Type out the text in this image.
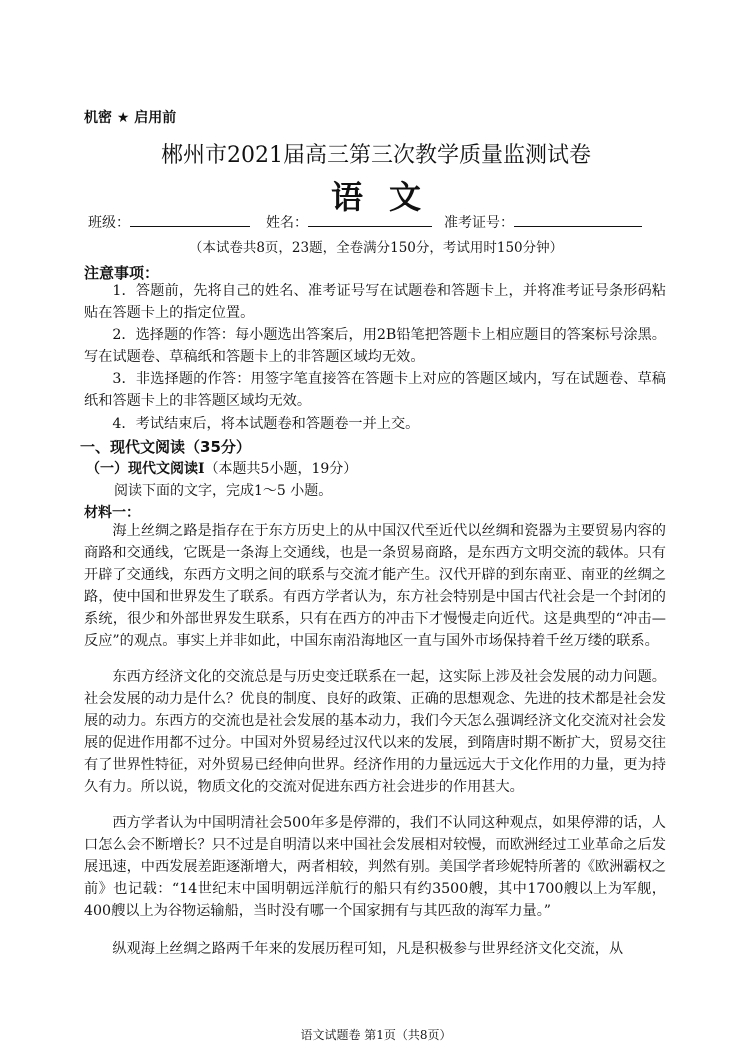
机密 ★ 启用前
郴州市2021届高三第三次教学质量监测试卷
语文
班级：	姓名：	准考证号：
（本试卷共8页，23题，全卷满分150分，考试用时150分钟）
注意事项：
1．答题前，先将自己的姓名、准考证号写在试题卷和答题卡上，并将准考证号条形码粘贴在答题卡上的指定位置。
2．选择题的作答：每小题选出答案后，用2B铅笔把答题卡上相应题目的答案标号涂黑。写在试题卷、草稿纸和答题卡上的非答题区域均无效。
3．非选择题的作答：用签字笔直接答在答题卡上对应的答题区域内，写在试题卷、草稿纸和答题卡上的非答题区域均无效。
4．考试结束后，将本试题卷和答题卷一并上交。
一、现代文阅读（35分）
（一）现代文阅读Ⅰ（本题共5小题，19分）
阅读下面的文字，完成1～5 小题。
材料一：
海上丝绸之路是指存在于东方历史上的从中国汉代至近代以丝绸和瓷器为主要贸易内容的商路和交通线，它既是一条海上交通线，也是一条贸易商路，是东西方文明交流的载体。只有开辟了交通线，东西方文明之间的联系与交流才能产生。汉代开辟的到东南亚、南亚的丝绸之路，使中国和世界发生了联系。有西方学者认为，东方社会特别是中国古代社会是一个封闭的系统，很少和外部世界发生联系，只有在西方的冲击下才慢慢走向近代。这是典型的“冲击—反应”的观点。事实上并非如此，中国东南沿海地区一直与国外市场保持着千丝万缕的联系。
东西方经济文化的交流总是与历史变迁联系在一起，这实际上涉及社会发展的动力问题。社会发展的动力是什么？优良的制度、良好的政策、正确的思想观念、先进的技术都是社会发展的动力。东西方的交流也是社会发展的基本动力，我们今天怎么强调经济文化交流对社会发展的促进作用都不过分。中国对外贸易经过汉代以来的发展，到隋唐时期不断扩大，贸易交往有了世界性特征，对外贸易已经伸向世界。经济作用的力量远远大于文化作用的力量，更为持久有力。所以说，物质文化的交流对促进东西方社会进步的作用甚大。
西方学者认为中国明清社会500年多是停滞的，我们不认同这种观点，如果停滞的话，人口怎么会不断增长？只不过是自明清以来中国社会发展相对较慢，而欧洲经过工业革命之后发展迅速，中西发展差距逐渐增大，两者相较，判然有别。美国学者珍妮特所著的《欧洲霸权之前》也记载：“14世纪末中国明朝远洋航行的船只有约3500艘，其中1700艘以上为军舰，400艘以上为谷物运输船，当时没有哪一个国家拥有与其匹敌的海军力量。”
纵观海上丝绸之路两千年来的发展历程可知，凡是积极参与世界经济文化交流，从
语文试题卷 第1页（共8页）
